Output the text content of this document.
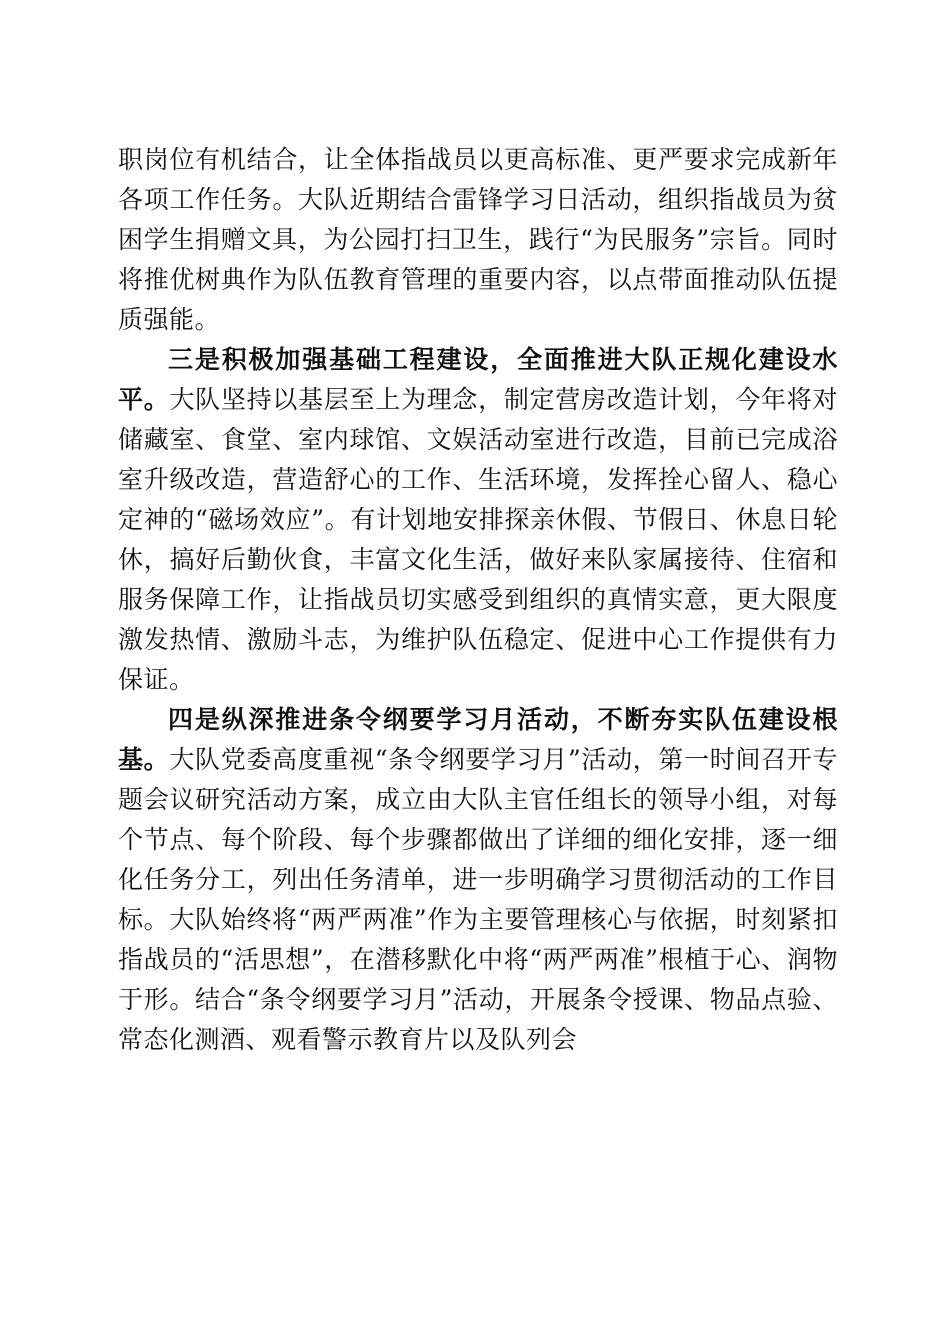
职岗位有机结合，让全体指战员以更高标准、更严要求完成新年各项工作任务。大队近期结合雷锋学习日活动，组织指战员为贫困学生捐赠文具，为公园打扫卫生，践行“为民服务”宗旨。同时将推优树典作为队伍教育管理的重要内容，以点带面推动队伍提质强能。

三是积极加强基础工程建设，全面推进大队正规化建设水平。大队坚持以基层至上为理念，制定营房改造计划，今年将对储藏室、食堂、室内球馆、文娱活动室进行改造，目前已完成浴室升级改造，营造舒心的工作、生活环境，发挥拴心留人、稳心定神的“磁场效应”。有计划地安排探亲休假、节假日、休息日轮休，搞好后勤伙食，丰富文化生活，做好来队家属接待、住宿和服务保障工作，让指战员切实感受到组织的真情实意，更大限度激发热情、激励斗志，为维护队伍稳定、促进中心工作提供有力保证。

四是纵深推进条令纲要学习月活动，不断夯实队伍建设根基。大队党委高度重视“条令纲要学习月”活动，第一时间召开专题会议研究活动方案，成立由大队主官任组长的领导小组，对每个节点、每个阶段、每个步骤都做出了详细的细化安排，逐一细化任务分工，列出任务清单，进一步明确学习贯彻活动的工作目标。大队始终将“两严两准”作为主要管理核心与依据，时刻紧扣指战员的“活思想”，在潜移默化中将“两严两准”根植于心、润物于形。结合“条令纲要学习月”活动，开展条令授课、物品点验、常态化测酒、观看警示教育片以及队列会
